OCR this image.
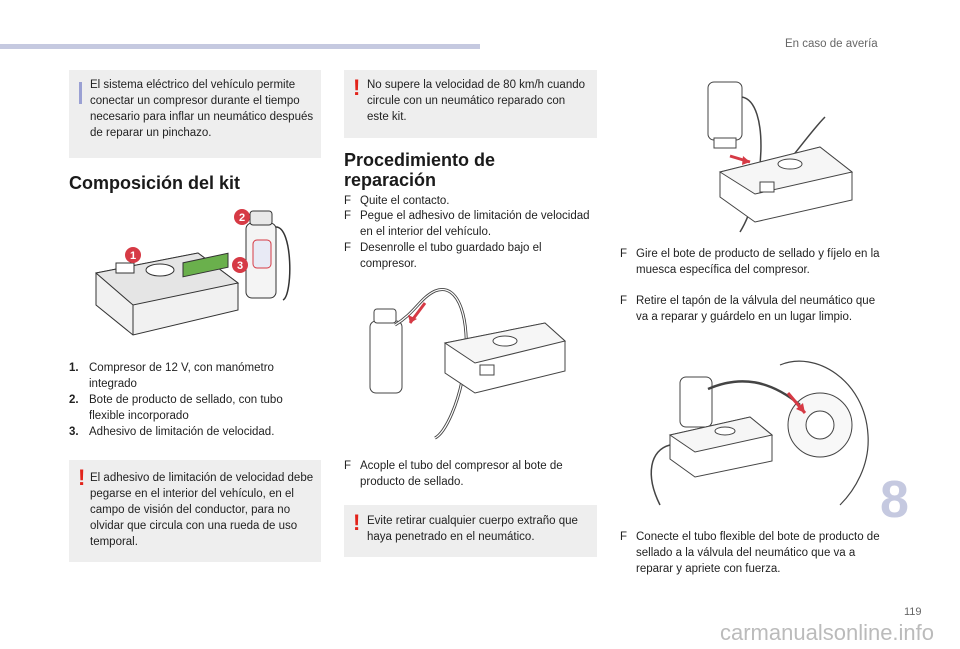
En caso de avería

El sistema eléctrico del vehículo permite conectar un compresor durante el tiempo necesario para inflar un neumático después de reparar un pinchazo.

Composición del kit
1
2
3
1. Compresor de 12 V, con manómetro integrado
2. Bote de producto de sellado, con tubo flexible incorporado
3. Adhesivo de limitación de velocidad.
! El adhesivo de limitación de velocidad debe pegarse en el interior del vehículo, en el campo de visión del conductor, para no olvidar que circula con una rueda de uso temporal.

! No supere la velocidad de 80 km/h cuando circule con un neumático reparado con este kit.

Procedimiento de reparación
F Quite el contacto.
F Pegue el adhesivo de limitación de velocidad en el interior del vehículo.
F Desenrolle el tubo guardado bajo el compresor.
F Acople el tubo del compresor al bote de producto de sellado.
! Evite retirar cualquier cuerpo extraño que haya penetrado en el neumático.

F Gire el bote de producto de sellado y fíjelo en la muesca específica del compresor.
F Retire el tapón de la válvula del neumático que va a reparar y guárdelo en un lugar limpio.
F Conecte el tubo flexible del bote de producto de sellado a la válvula del neumático que va a reparar y apriete con fuerza.
8
119
carmanualsonline.info
